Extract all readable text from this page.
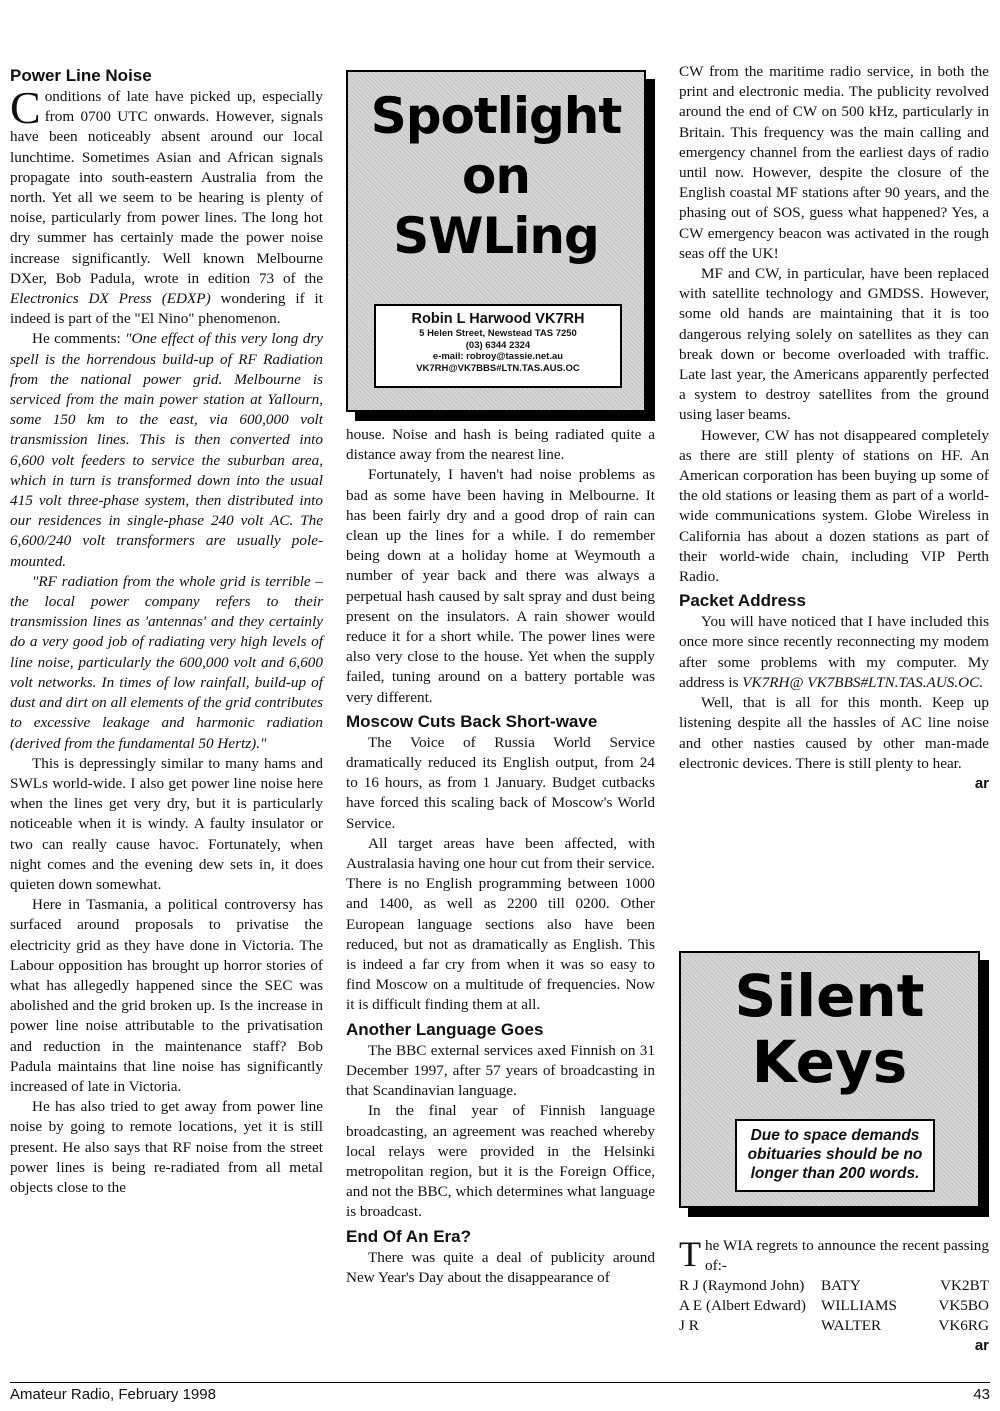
Power Line Noise

Conditions of late have picked up, especially from 0700 UTC onwards. However, signals have been noticeably absent around our local lunchtime. Sometimes Asian and African signals propagate into south-eastern Australia from the north. Yet all we seem to be hearing is plenty of noise, particularly from power lines. The long hot dry summer has certainly made the power noise increase significantly. Well known Melbourne DXer, Bob Padula, wrote in edition 73 of the Electronics DX Press (EDXP) wondering if it indeed is part of the "El Nino" phenomenon.

He comments: "One effect of this very long dry spell is the horrendous build-up of RF Radiation from the national power grid. Melbourne is serviced from the main power station at Yallourn, some 150 km to the east, via 600,000 volt transmission lines. This is then converted into 6,600 volt feeders to service the suburban area, which in turn is transformed down into the usual 415 volt three-phase system, then distributed into our residences in single-phase 240 volt AC. The 6,600/240 volt transformers are usually pole-mounted.

"RF radiation from the whole grid is terrible – the local power company refers to their transmission lines as 'antennas' and they certainly do a very good job of radiating very high levels of line noise, particularly the 600,000 volt and 6,600 volt networks. In times of low rainfall, build-up of dust and dirt on all elements of the grid contributes to excessive leakage and harmonic radiation (derived from the fundamental 50 Hertz)."

This is depressingly similar to many hams and SWLs world-wide. I also get power line noise here when the lines get very dry, but it is particularly noticeable when it is windy. A faulty insulator or two can really cause havoc. Fortunately, when night comes and the evening dew sets in, it does quieten down somewhat.

Here in Tasmania, a political controversy has surfaced around proposals to privatise the electricity grid as they have done in Victoria. The Labour opposition has brought up horror stories of what has allegedly happened since the SEC was abolished and the grid broken up. Is the increase in power line noise attributable to the privatisation and reduction in the maintenance staff? Bob Padula maintains that line noise has significantly increased of late in Victoria.

He has also tried to get away from power line noise by going to remote locations, yet it is still present. He also says that RF noise from the street power lines is being re-radiated from all metal objects close to the

Spotlight
on
SWLing
Robin L Harwood VK7RH
5 Helen Street, Newstead TAS 7250
(03) 6344 2324
e-mail: robroy@tassie.net.au
VK7RH@VK7BBS#LTN.TAS.AUS.OC

house. Noise and hash is being radiated quite a distance away from the nearest line.

Fortunately, I haven't had noise problems as bad as some have been having in Melbourne. It has been fairly dry and a good drop of rain can clean up the lines for a while. I do remember being down at a holiday home at Weymouth a number of year back and there was always a perpetual hash caused by salt spray and dust being present on the insulators. A rain shower would reduce it for a short while. The power lines were also very close to the house. Yet when the supply failed, tuning around on a battery portable was very different.

Moscow Cuts Back Short-wave

The Voice of Russia World Service dramatically reduced its English output, from 24 to 16 hours, as from 1 January. Budget cutbacks have forced this scaling back of Moscow's World Service.

All target areas have been affected, with Australasia having one hour cut from their service. There is no English programming between 1000 and 1400, as well as 2200 till 0200. Other European language sections also have been reduced, but not as dramatically as English. This is indeed a far cry from when it was so easy to find Moscow on a multitude of frequencies. Now it is difficult finding them at all.

Another Language Goes

The BBC external services axed Finnish on 31 December 1997, after 57 years of broadcasting in that Scandinavian language.

In the final year of Finnish language broadcasting, an agreement was reached whereby local relays were provided in the Helsinki metropolitan region, but it is the Foreign Office, and not the BBC, which determines what language is broadcast.

End Of An Era?

There was quite a deal of publicity around New Year's Day about the disappearance of

CW from the maritime radio service, in both the print and electronic media. The publicity revolved around the end of CW on 500 kHz, particularly in Britain. This frequency was the main calling and emergency channel from the earliest days of radio until now. However, despite the closure of the English coastal MF stations after 90 years, and the phasing out of SOS, guess what happened? Yes, a CW emergency beacon was activated in the rough seas off the UK!

MF and CW, in particular, have been replaced with satellite technology and GMDSS. However, some old hands are maintaining that it is too dangerous relying solely on satellites as they can break down or become overloaded with traffic. Late last year, the Americans apparently perfected a system to destroy satellites from the ground using laser beams.

However, CW has not disappeared completely as there are still plenty of stations on HF. An American corporation has been buying up some of the old stations or leasing them as part of a world-wide communications system. Globe Wireless in California has about a dozen stations as part of their world-wide chain, including VIP Perth Radio.

Packet Address

You will have noticed that I have included this once more since recently reconnecting my modem after some problems with my computer. My address is VK7RH@ VK7BBS#LTN.TAS.AUS.OC.

Well, that is all for this month. Keep up listening despite all the hassles of AC line noise and other nasties caused by other man-made electronic devices. There is still plenty to hear.
ar

Silent
Keys
Due to space demands obituaries should be no longer than 200 words.

The WIA regrets to announce the recent passing of:-

R J (Raymond John)	BATY	VK2BT
A E (Albert Edward) WILLIAMS	VK5BO
J R	WALTER	VK6RG
ar
Amateur Radio, February 1998	43
